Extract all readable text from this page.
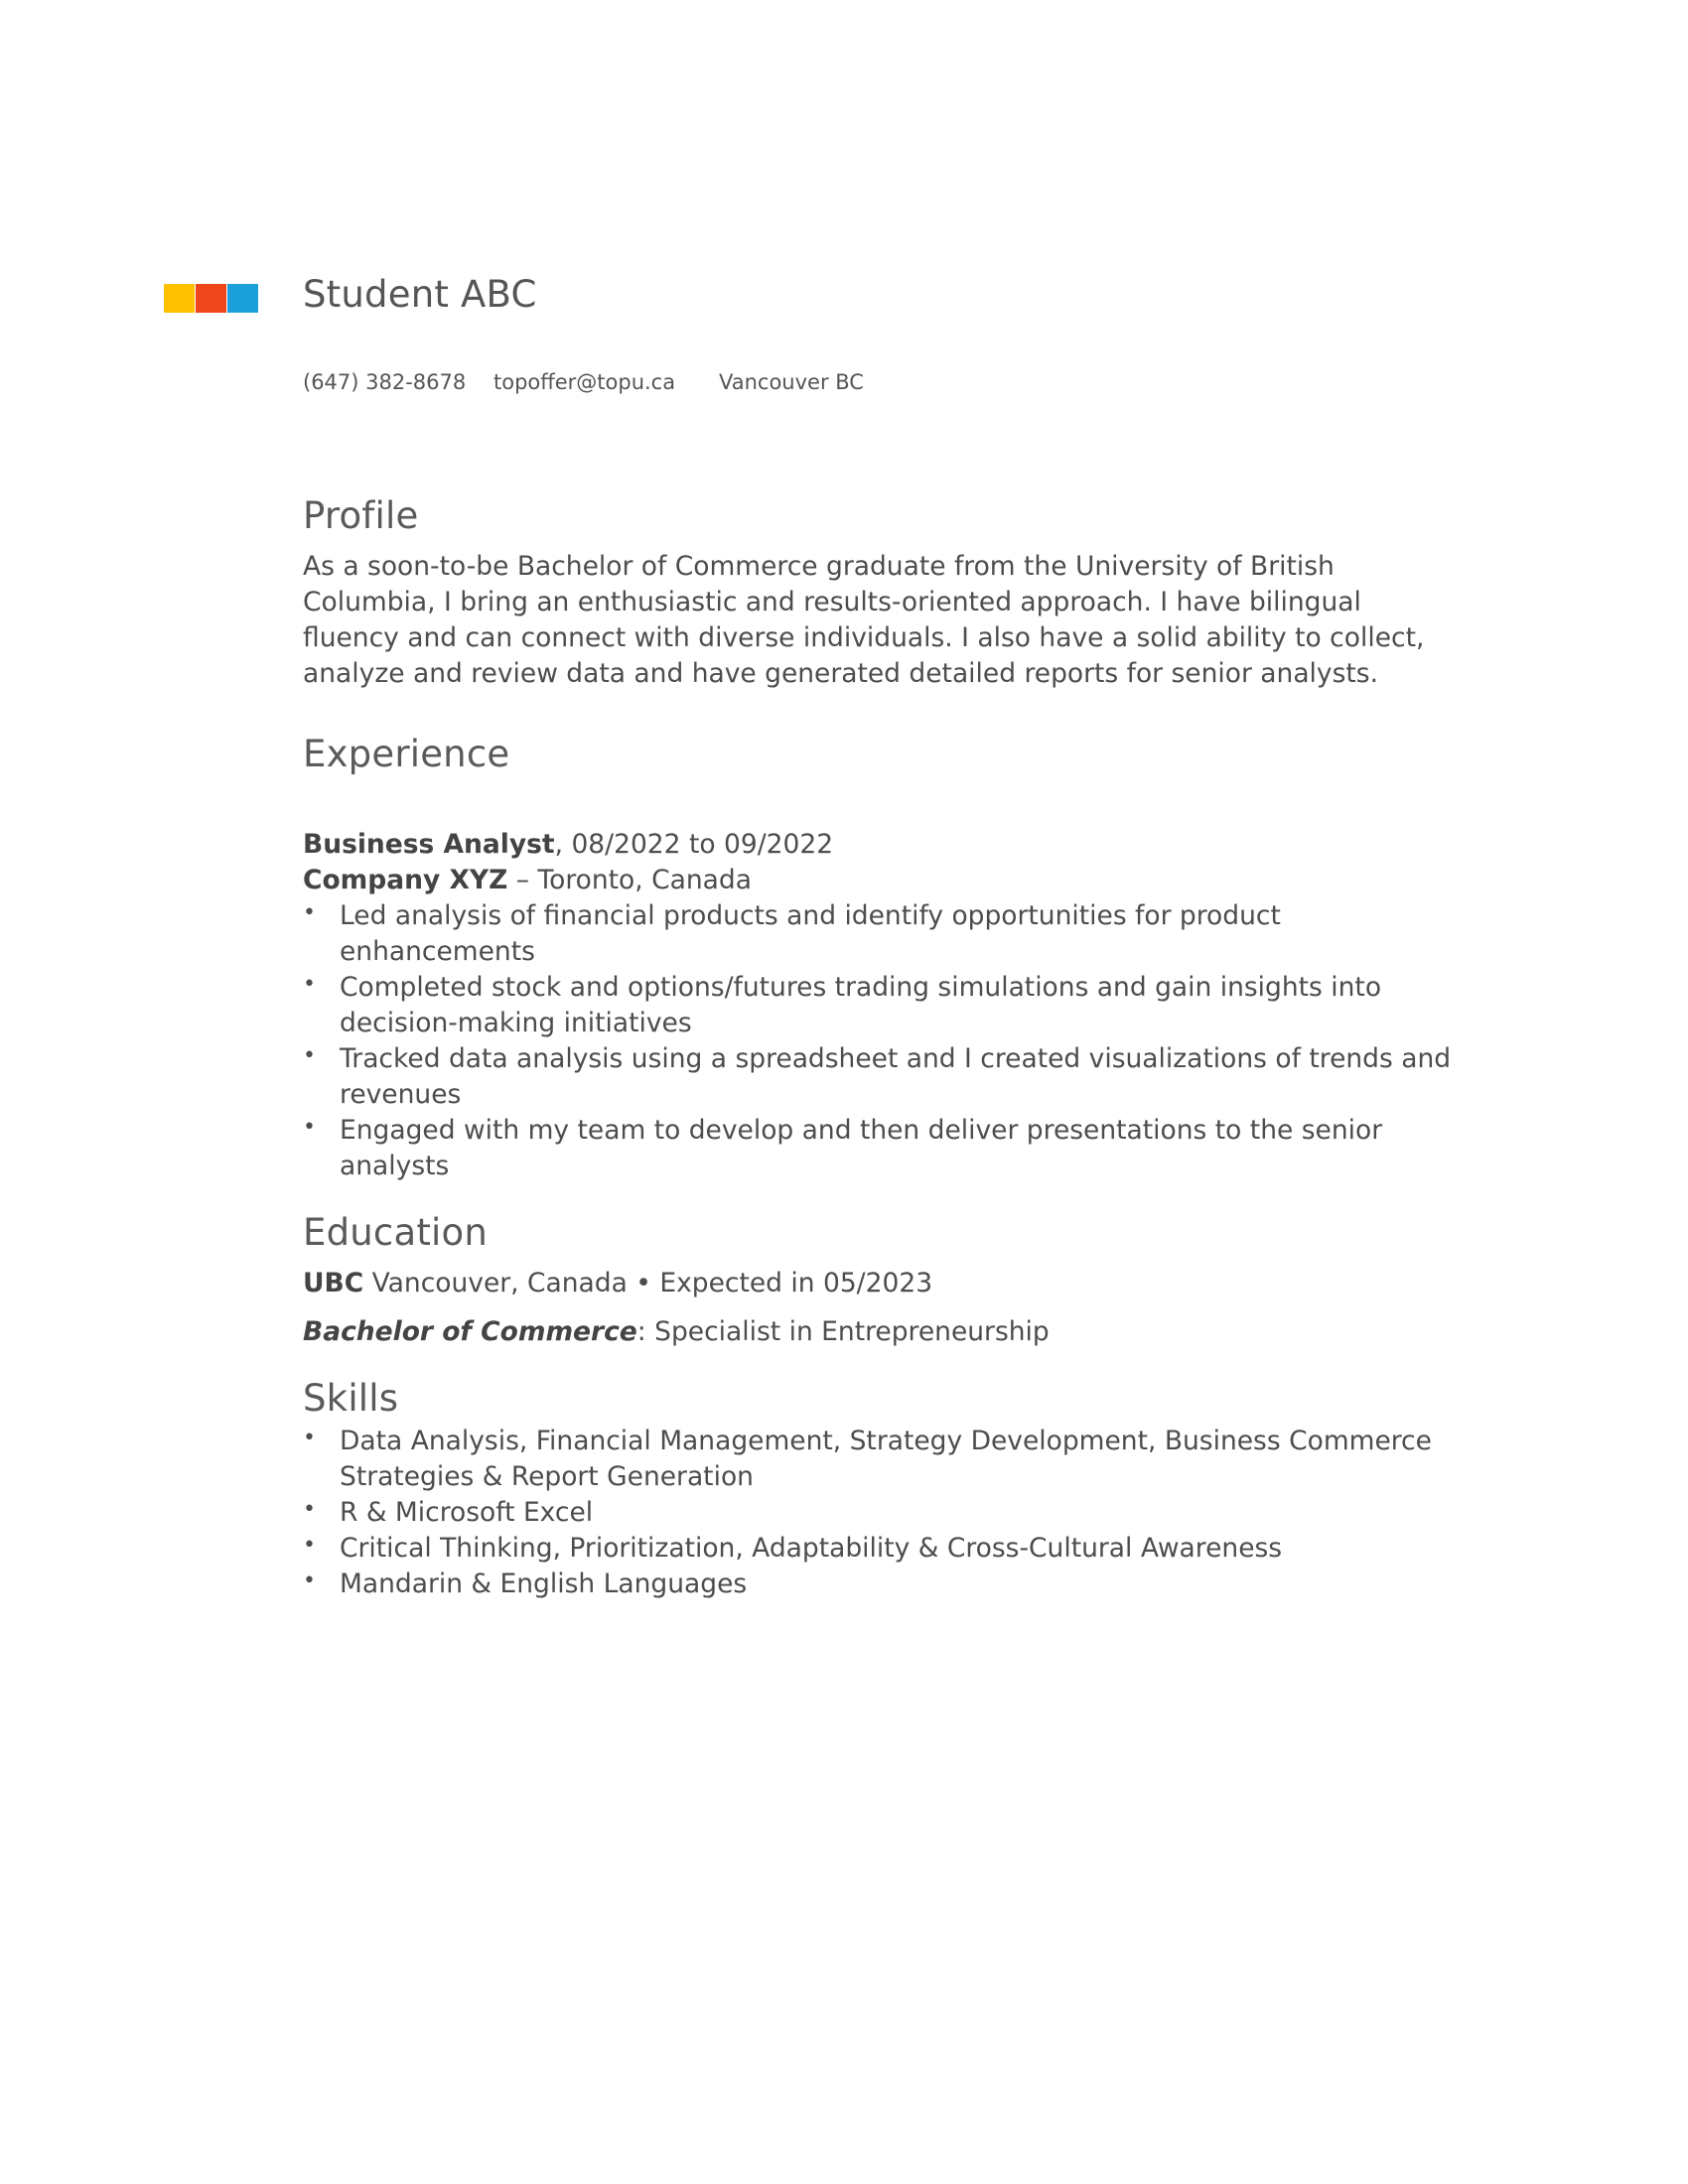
Student ABC
(647) 382-8678	topoffer@topu.ca	Vancouver BC
Profile

As a soon-to-be Bachelor of Commerce graduate from the University of British Columbia, I bring an enthusiastic and results-oriented approach. I have bilingual fluency and can connect with diverse individuals. I also have a solid ability to collect, analyze and review data and have generated detailed reports for senior analysts.

Experience
Business Analyst, 08/2022 to 09/2022
Company XYZ – Toronto, Canada
• Led analysis of financial products and identify opportunities for product enhancements
• Completed stock and options/futures trading simulations and gain insights into decision-making initiatives
• Tracked data analysis using a spreadsheet and I created visualizations of trends and revenues
• Engaged with my team to develop and then deliver presentations to the senior analysts
Education
UBC Vancouver, Canada • Expected in 05/2023
Bachelor of Commerce: Specialist in Entrepreneurship
Skills
• Data Analysis, Financial Management, Strategy Development, Business Commerce Strategies & Report Generation
• R & Microsoft Excel
• Critical Thinking, Prioritization, Adaptability & Cross-Cultural Awareness
• Mandarin & English Languages
